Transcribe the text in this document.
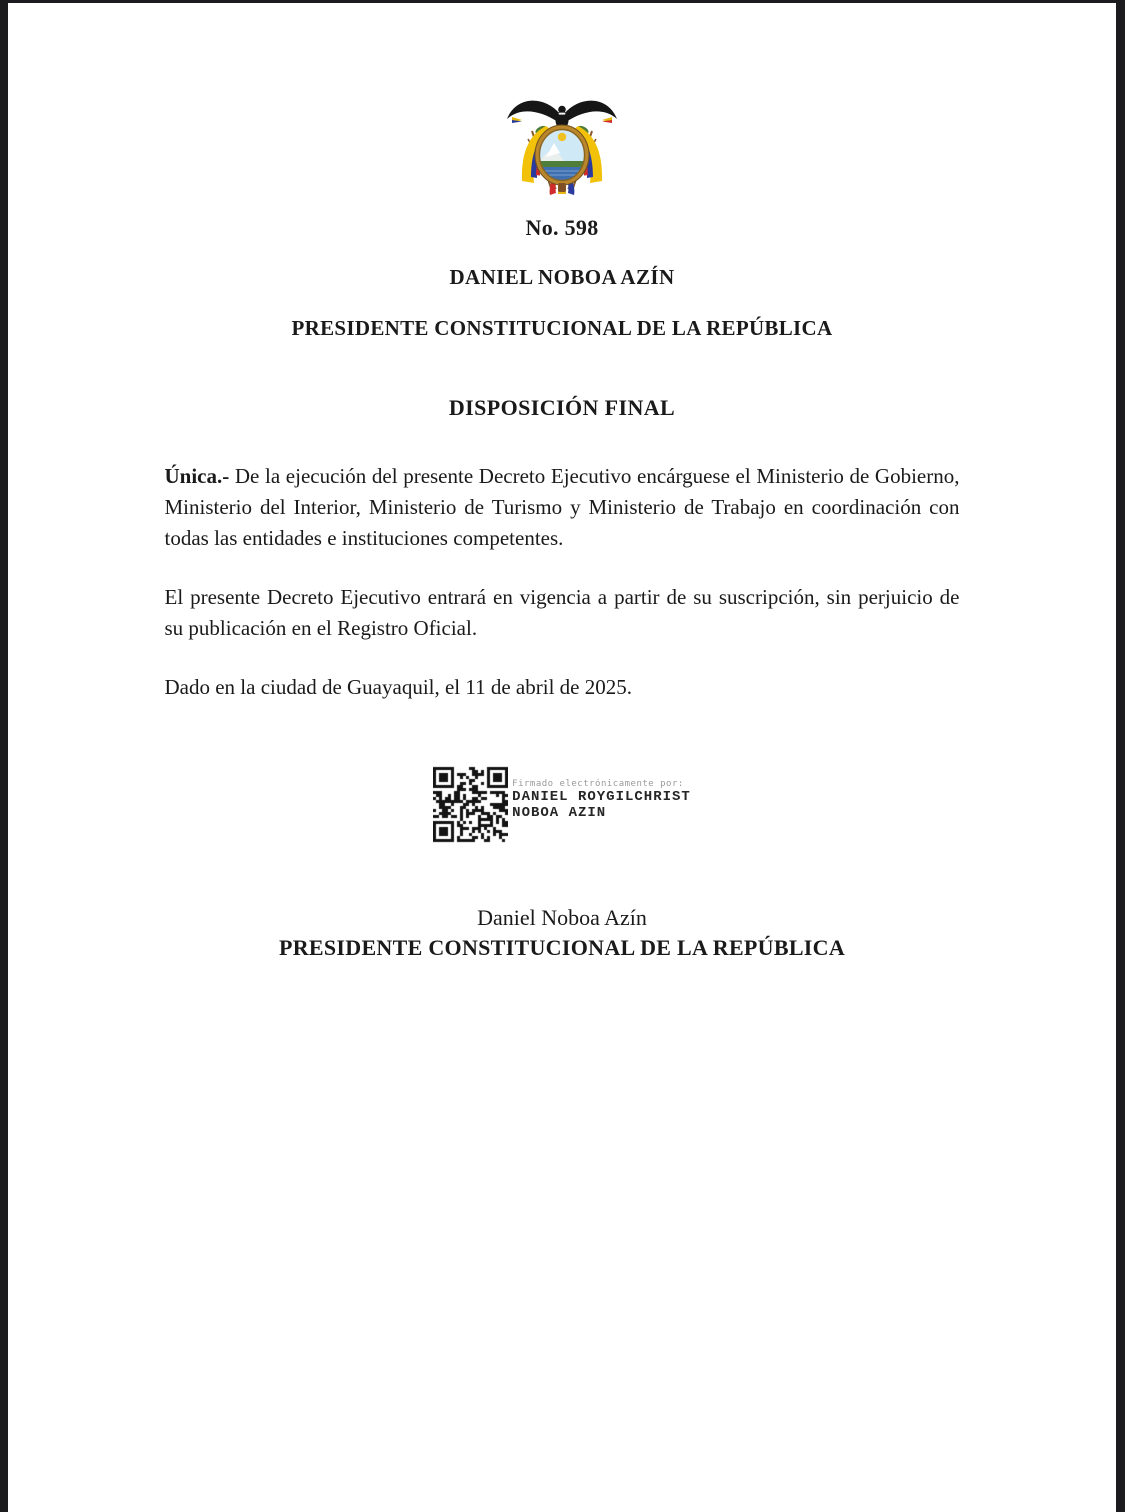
No. 598
DANIEL NOBOA AZÍN
PRESIDENTE CONSTITUCIONAL DE LA REPÚBLICA
DISPOSICIÓN FINAL

Única.- De la ejecución del presente Decreto Ejecutivo encárguese el Ministerio de Gobierno, Ministerio del Interior, Ministerio de Turismo y Ministerio de Trabajo en coordinación con todas las entidades e instituciones competentes.

El presente Decreto Ejecutivo entrará en vigencia a partir de su suscripción, sin perjuicio de su publicación en el Registro Oficial.

Dado en la ciudad de Guayaquil, el 11 de abril de 2025.

Firmado electrónicamente por:
DANIEL ROYGILCHRIST
NOBOA AZIN
Daniel Noboa Azín
PRESIDENTE CONSTITUCIONAL DE LA REPÚBLICA
